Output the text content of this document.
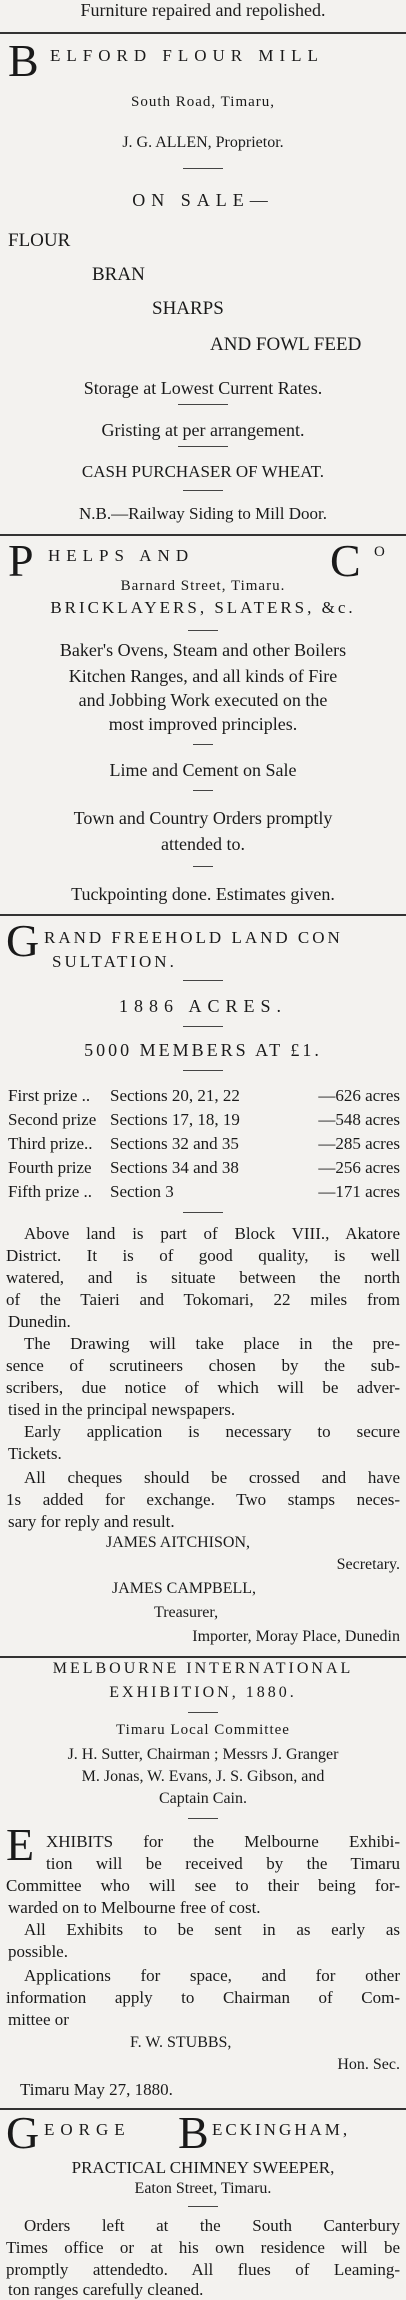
Furniture repaired and repolished.
B ELFORD FLOUR MILL
South Road, Timaru,
J. G. ALLEN, Proprietor.
ON SALE—
FLOUR
BRAN
SHARPS
AND FOWL FEED
Storage at Lowest Current Rates.
Gristing at per arrangement.
CASH PURCHASER OF WHEAT.
N.B.—Railway Siding to Mill Door.
P HELPS AND	C O
Barnard Street, Timaru.
BRICKLAYERS, SLATERS, &c.
Baker's Ovens, Steam and other Boilers
Kitchen Ranges, and all kinds of Fire
and Jobbing Work executed on the
most improved principles.
Lime and Cement on Sale
Town and Country Orders promptly
attended to.
Tuckpointing done. Estimates given.
G RAND FREEHOLD LAND CON
SULTATION.
1886 ACRES.
5000 MEMBERS AT £1.
First prize .. Sections 20, 21, 22	—626 acres
Second prize Sections 17, 18, 19	—548 acres
Third prize.. Sections 32 and 35	—285 acres
Fourth prize Sections 34 and 38	—256 acres
Fifth prize .. Section 3	—171 acres
Above land is part of Block VIII., Akatore
District. It is of good quality, is well
watered, and is situate between the north
of the Taieri and Tokomari, 22 miles from
Dunedin.
The Drawing will take place in the pre-
sence of scrutineers chosen by the sub-
scribers, due notice of which will be adver-
tised in the principal newspapers.
Early application is necessary to secure
Tickets.
All cheques should be crossed and have
1s added for exchange. Two stamps neces-
sary for reply and result.
JAMES AITCHISON,
Secretary.
JAMES CAMPBELL,
Treasurer,
Importer, Moray Place, Dunedin
MELBOURNE INTERNATIONAL
EXHIBITION, 1880.
Timaru Local Committee
J. H. Sutter, Chairman ; Messrs J. Granger
M. Jonas, W. Evans, J. S. Gibson, and
Captain Cain.
E XHIBITS for the Melbourne Exhibi-
tion will be received by the Timaru
Committee who will see to their being for-
warded on to Melbourne free of cost.
All Exhibits to be sent in as early as
possible.
Applications for space, and for other
information apply to Chairman of Com-
mittee or
F. W. STUBBS,
Hon. Sec.
Timaru May 27, 1880.
G EORGE	B ECKINGHAM,
PRACTICAL CHIMNEY SWEEPER,
Eaton Street, Timaru.
Orders left at the South Canterbury
Times office or at his own residence will be
promptly attendedto. All flues of Leaming-
ton ranges carefully cleaned.
